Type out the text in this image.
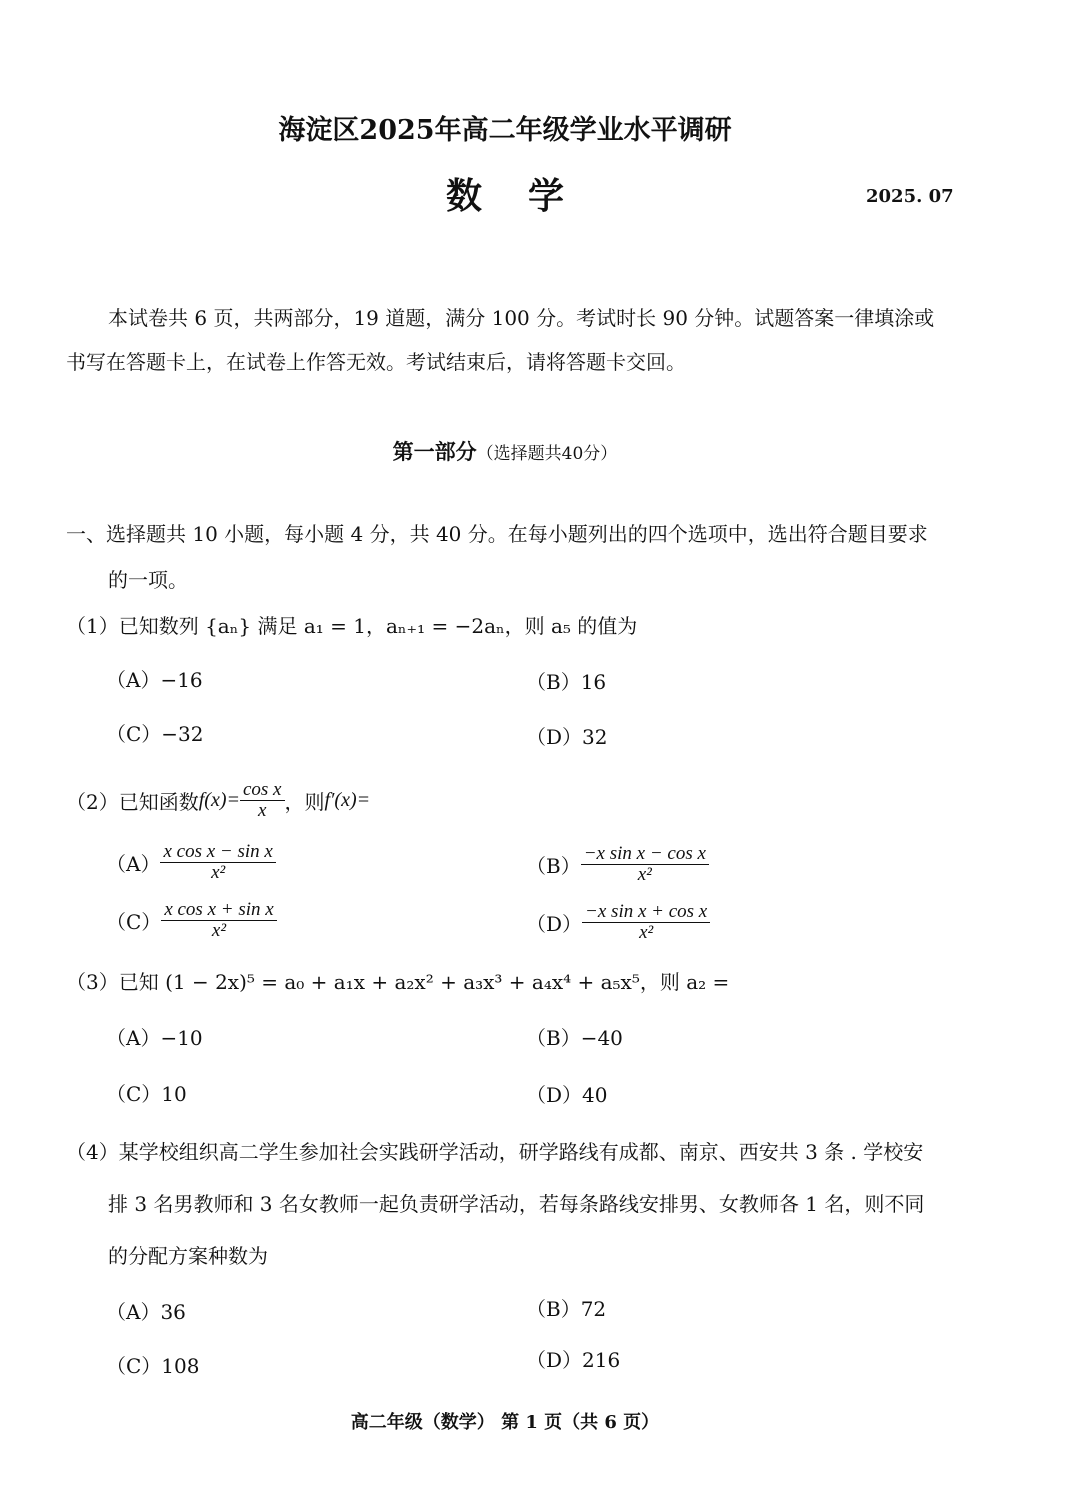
海淀区2025年高二年级学业水平调研
数学	2025. 07
本试卷共 6 页，共两部分，19 道题，满分 100 分。考试时长 90 分钟。试题答案一律填涂或
书写在答题卡上，在试卷上作答无效。考试结束后，请将答题卡交回。
第一部分（选择题共40分）
一、选择题共 10 小题，每小题 4 分，共 40 分。在每小题列出的四个选项中，选出符合题目要求
的一项。
（1）已知数列 {aₙ} 满足 a₁ = 1，aₙ₊₁ = −2aₙ，则 a₅ 的值为
（A）−16	（B）16
（C）−32	（D）32
（2）已知函数 $f(x)= \frac{\text{cos x}}{x}$ ，则 f′(x)=
$(A) \frac{\text{x cos x − sin x}}{\text{x²}}$	$(B) \frac{\text{−x sin x − cos x}}{\text{x²}}$
$(C) \frac{\text{x cos x + sin x}}{\text{x²}}$	$(D) \frac{\text{−x sin x + cos x}}{\text{x²}}$
（3）已知 (1 − 2x)⁵ = a₀ + a₁x + a₂x² + a₃x³ + a₄x⁴ + a₅x⁵，则 a₂ =
（A）−10	（B）−40
（C）10	（D）40
（4）某学校组织高二学生参加社会实践研学活动，研学路线有成都、南京、西安共 3 条 . 学校安
排 3 名男教师和 3 名女教师一起负责研学活动，若每条路线安排男、女教师各 1 名，则不同
的分配方案种数为
（A）36	（B）72
（C）108	（D）216
高二年级（数学） 第 1 页（共 6 页）
